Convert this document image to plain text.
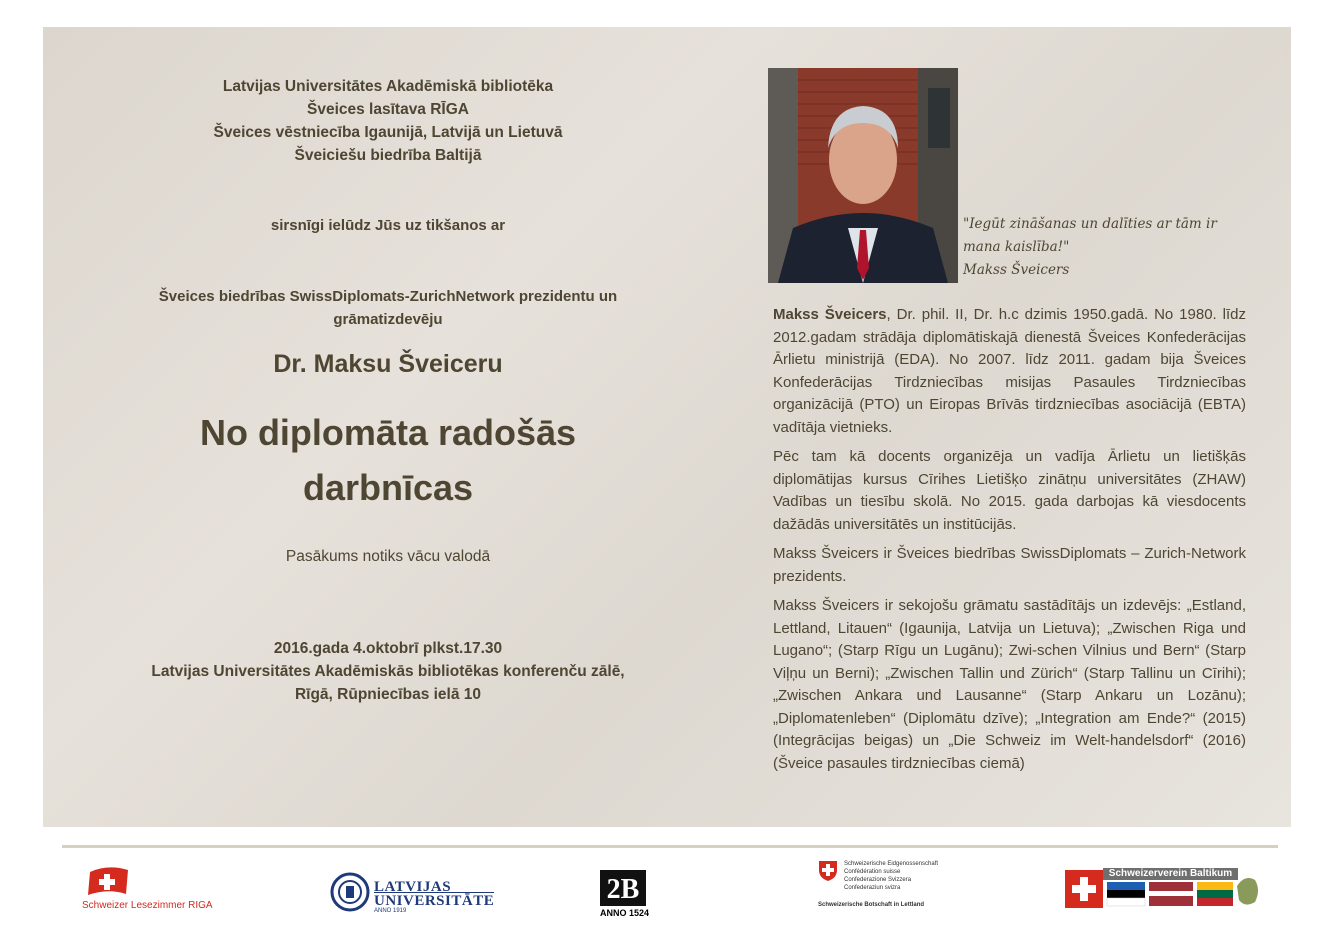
Latvijas Universitātes Akadēmiskā bibliotēka
Šveices lasītava RĪGA
Šveices vēstniecība Igaunijā, Latvijā un Lietuvā
Šveiciešu biedrība Baltijā
sirsnīgi ielūdz Jūs uz tikšanos ar
Šveices biedrības SwissDiplomats-ZurichNetwork prezidentu un grāmatizdevēju
Dr. Maksu Šveiceru
No diplomāta radošās darbnīcas
Pasākums notiks vācu valodā
2016.gada 4.oktobrī plkst.17.30
Latvijas Universitātes Akadēmiskās bibliotēkas konferenču zālē,
Rīgā, Rūpniecības ielā 10
"Iegūt zināšanas un dalīties ar tām ir mana kaislība!"
Makss Šveicers

Makss Šveicers, Dr. phil. II, Dr. h.c dzimis 1950.gadā. No 1980. līdz 2012.gadam strādāja diplomātiskajā dienestā Šveices Konfederācijas Ārlietu ministrijā (EDA). No 2007. līdz 2011. gadam bija Šveices Konfederācijas Tirdzniecības misijas Pasaules Tirdzniecības organizācijā (PTO) un Eiropas Brīvās tirdzniecības asociācijā (EBTA) vadītāja vietnieks.

Pēc tam kā docents organizēja un vadīja Ārlietu un lietišķās diplomātijas kursus Cīrihes Lietišķo zinātņu universitātes (ZHAW) Vadības un tiesību skolā. No 2015. gada darbojas kā viesdocents dažādās universitātēs un institūcijās.

Makss Šveicers ir Šveices biedrības SwissDiplomats – Zurich-Network prezidents.

Makss Šveicers ir sekojošu grāmatu sastādītājs un izdevējs: „Estland, Lettland, Litauen“ (Igaunija, Latvija un Lietuva); „Zwischen Riga und Lugano“; (Starp Rīgu un Lugānu); Zwi-schen Vilnius und Bern“ (Starp Viļņu un Berni); „Zwischen Tallin und Zürich“ (Starp Tallinu un Cīrihi); „Zwischen Ankara und Lausanne“ (Starp Ankaru un Lozānu); „Diplomatenleben“ (Diplomātu dzīve); „Integration am Ende?“ (2015) (Integrācijas beigas) un „Die Schweiz im Welt-handelsdorf“ (2016) (Šveice pasaules tirdzniecības ciemā)

Schweizer Lesezimmer RIGA
LATVIJAS
UNIVERSITĀTE
ANNO 1919
2B
ANNO 1524
Schweizerische Eidgenossenschaft
Confédération suisse
Confederazione Svizzera
Confederaziun svizra
Schweizerische Botschaft in Lettland
Schweizerverein Baltikum
